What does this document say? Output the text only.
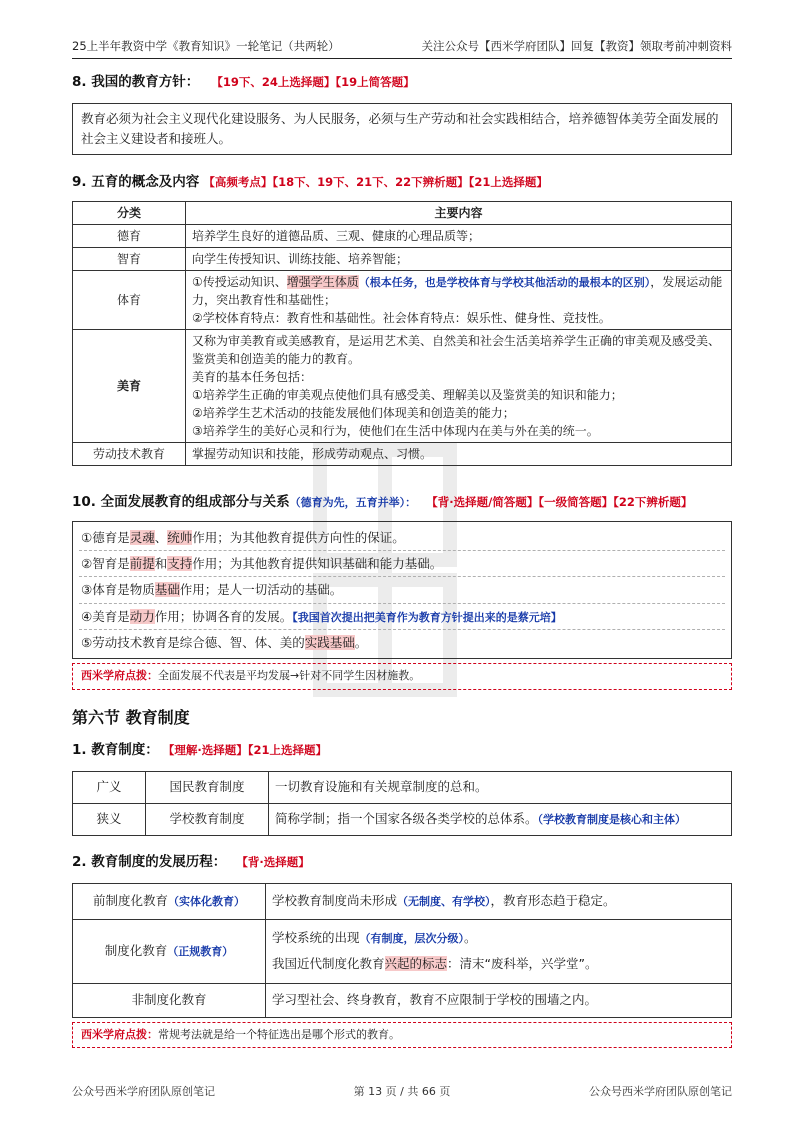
25上半年教资中学《教育知识》一轮笔记（共两轮）	关注公众号【西米学府团队】回复【教资】领取考前冲刺资料
8. 我国的教育方针： 【19下、24上选择题】【19上简答题】
教育必须为社会主义现代化建设服务、为人民服务，必须与生产劳动和社会实践相结合，培养德智体美劳全面发展的社会主义建设者和接班人。
9. 五育的概念及内容 【高频考点】【18下、19下、21下、22下辨析题】【21上选择题】
分类	主要内容
德育	培养学生良好的道德品质、三观、健康的心理品质等；
智育	向学生传授知识、训练技能、培养智能；
体育	①传授运动知识、增强学生体质（根本任务，也是学校体育与学校其他活动的最根本的区别），发展运动能力，突出教育性和基础性；
②学校体育特点：教育性和基础性。社会体育特点：娱乐性、健身性、竞技性。

美育	又称为审美教育或美感教育，是运用艺术美、自然美和社会生活美培养学生正确的审美观及感受美、鉴赏美和创造美的能力的教育。
美育的基本任务包括：
①培养学生正确的审美观点使他们具有感受美、理解美以及鉴赏美的知识和能力；
②培养学生艺术活动的技能发展他们体现美和创造美的能力；
③培养学生的美好心灵和行为，使他们在生活中体现内在美与外在美的统一。

劳动技术教育	掌握劳动知识和技能，形成劳动观点、习惯。
10. 全面发展教育的组成部分与关系（德育为先，五育并举）： 【背·选择题/简答题】【一级简答题】【22下辨析题】
①德育是灵魂、统帅作用；为其他教育提供方向性的保证。
②智育是前提和支持作用；为其他教育提供知识基础和能力基础。
③体育是物质基础作用；是人一切活动的基础。
④美育是动力作用；协调各育的发展。【我国首次提出把美育作为教育方针提出来的是蔡元培】
⑤劳动技术教育是综合德、智、体、美的实践基础。
西米学府点拨：全面发展不代表是平均发展→针对不同学生因材施教。
第六节 教育制度
1. 教育制度： 【理解·选择题】【21上选择题】
广义	国民教育制度	一切教育设施和有关规章制度的总和。
狭义	学校教育制度	简称学制；指一个国家各级各类学校的总体系。（学校教育制度是核心和主体）
2. 教育制度的发展历程： 【背·选择题】
前制度化教育（实体化教育）	学校教育制度尚未形成（无制度、有学校），教育形态趋于稳定。
制度化教育（正规教育）	学校系统的出现（有制度，层次分级）。
我国近代制度化教育兴起的标志：清末“废科举，兴学堂”。

非制度化教育	学习型社会、终身教育，教育不应限制于学校的围墙之内。
西米学府点拨：常规考法就是给一个特征选出是哪个形式的教育。
公众号西米学府团队原创笔记	第 13 页 / 共 66 页	公众号西米学府团队原创笔记
